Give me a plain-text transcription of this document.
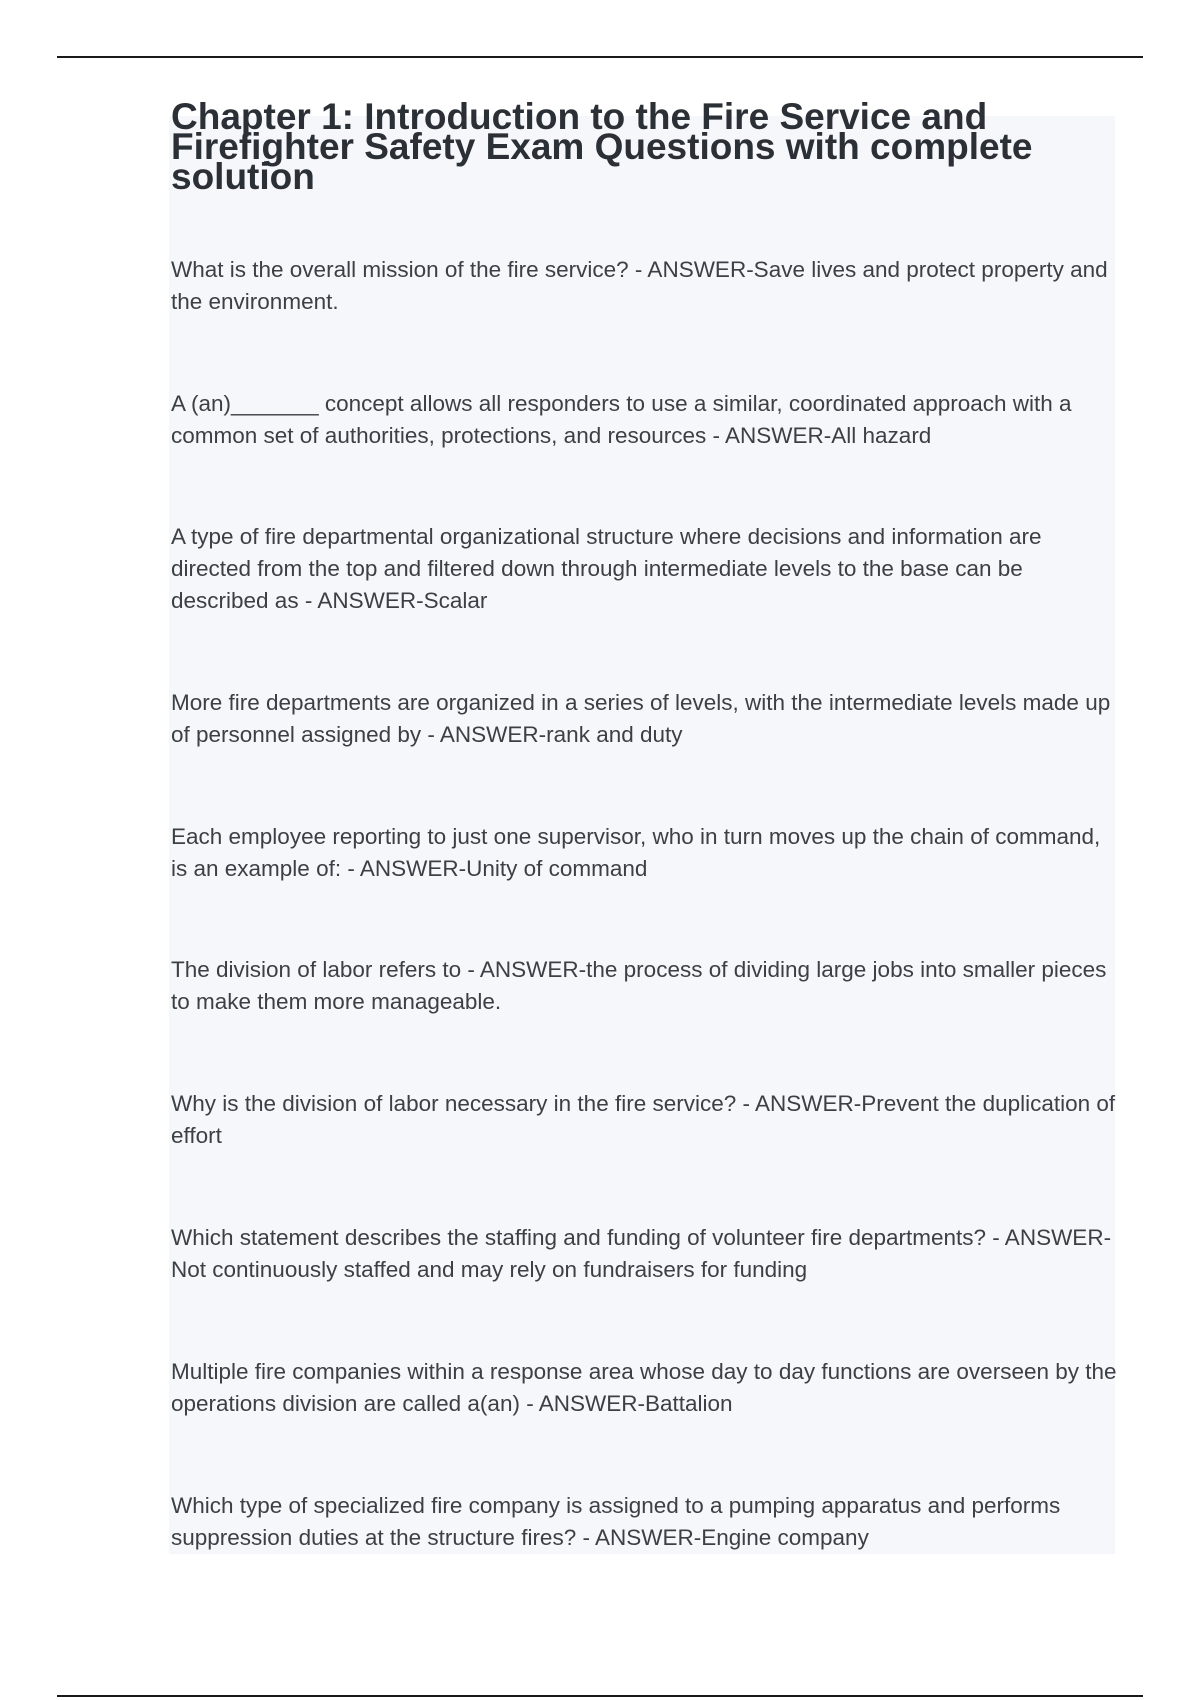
Chapter 1: Introduction to the Fire Service and Firefighter Safety Exam Questions with complete solution

What is the overall mission of the fire service? - ANSWER-Save lives and protect property and the environment.

A (an)_______ concept allows all responders to use a similar, coordinated approach with a common set of authorities, protections, and resources - ANSWER-All hazard

A type of fire departmental organizational structure where decisions and information are directed from the top and filtered down through intermediate levels to the base can be described as - ANSWER-Scalar

More fire departments are organized in a series of levels, with the intermediate levels made up of personnel assigned by - ANSWER-rank and duty

Each employee reporting to just one supervisor, who in turn moves up the chain of command, is an example of: - ANSWER-Unity of command

The division of labor refers to - ANSWER-the process of dividing large jobs into smaller pieces to make them more manageable.

Why is the division of labor necessary in the fire service? - ANSWER-Prevent the duplication of effort

Which statement describes the staffing and funding of volunteer fire departments? - ANSWER-Not continuously staffed and may rely on fundraisers for funding

Multiple fire companies within a response area whose day to day functions are overseen by the operations division are called a(an) - ANSWER-Battalion

Which type of specialized fire company is assigned to a pumping apparatus and performs suppression duties at the structure fires? - ANSWER-Engine company
